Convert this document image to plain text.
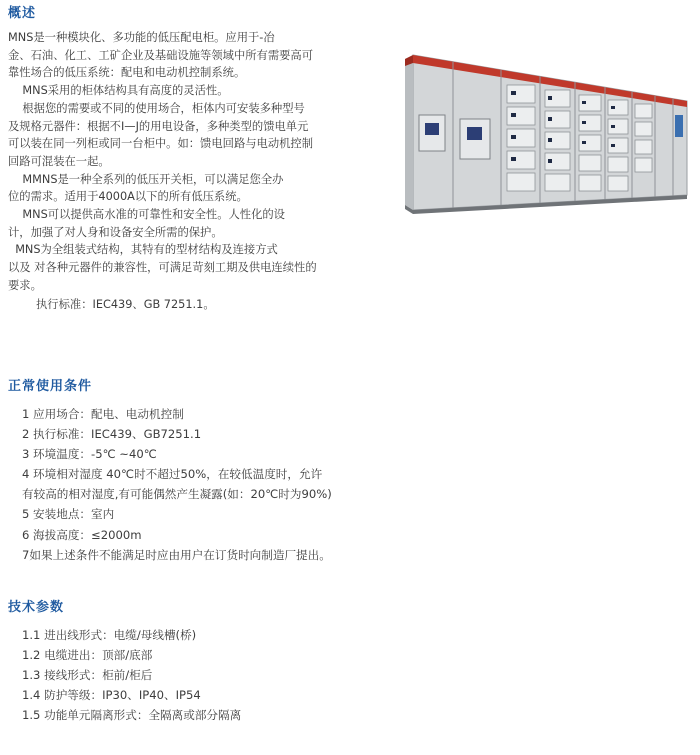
概述

MNS是一种模块化、多功能的低压配电柜。应用于-冶

金、石油、化工、工矿企业及基础设施等领域中所有需要高可

靠性场合的低压系统：配电和电动机控制系统。

MNS采用的柜体结构具有高度的灵活性。

根据您的需要或不同的使用场合，柜体内可安装多种型号

及规格元器件：根据不I—J的用电设备，多种类型的馈电单元

可以装在同一列柜或同一台柜中。如：馈电回路与电动机控制

回路可混装在一起。

MMNS是一种全系列的低压开关柜，可以满足您全办

位的需求。适用于4000A以下的所有低压系统。

MNS可以提供高水准的可靠性和安全性。人性化的设

计，加强了对人身和设备安全所需的保护。

MNS为全组装式结构，其特有的型材结构及连接方式

以及 对各种元器件的兼容性，可满足苛刻工期及供电连续性的

要求。

执行标准：IEC439、GB 7251.1。
正常使用条件

1 应用场合：配电、电动机控制

2 执行标准：IEC439、GB7251.1

3 环境温度：-5℃ ~40℃

4 环境相对湿度 40℃时不超过50%，在较低温度时，允许

有较高的相对湿度,有可能偶然产生凝露(如：20℃时为90%)

5 安装地点：室内

6 海拔高度：≤2000m

7如果上述条件不能满足时应由用户在订货时向制造厂提出。

技术参数

1.1 进出线形式：电缆/母线槽(桥)

1.2 电缆进出：顶部/底部

1.3 接线形式：柜前/柜后

1.4 防护等级：IP30、IP40、IP54

1.5 功能单元隔离形式：全隔离或部分隔离
